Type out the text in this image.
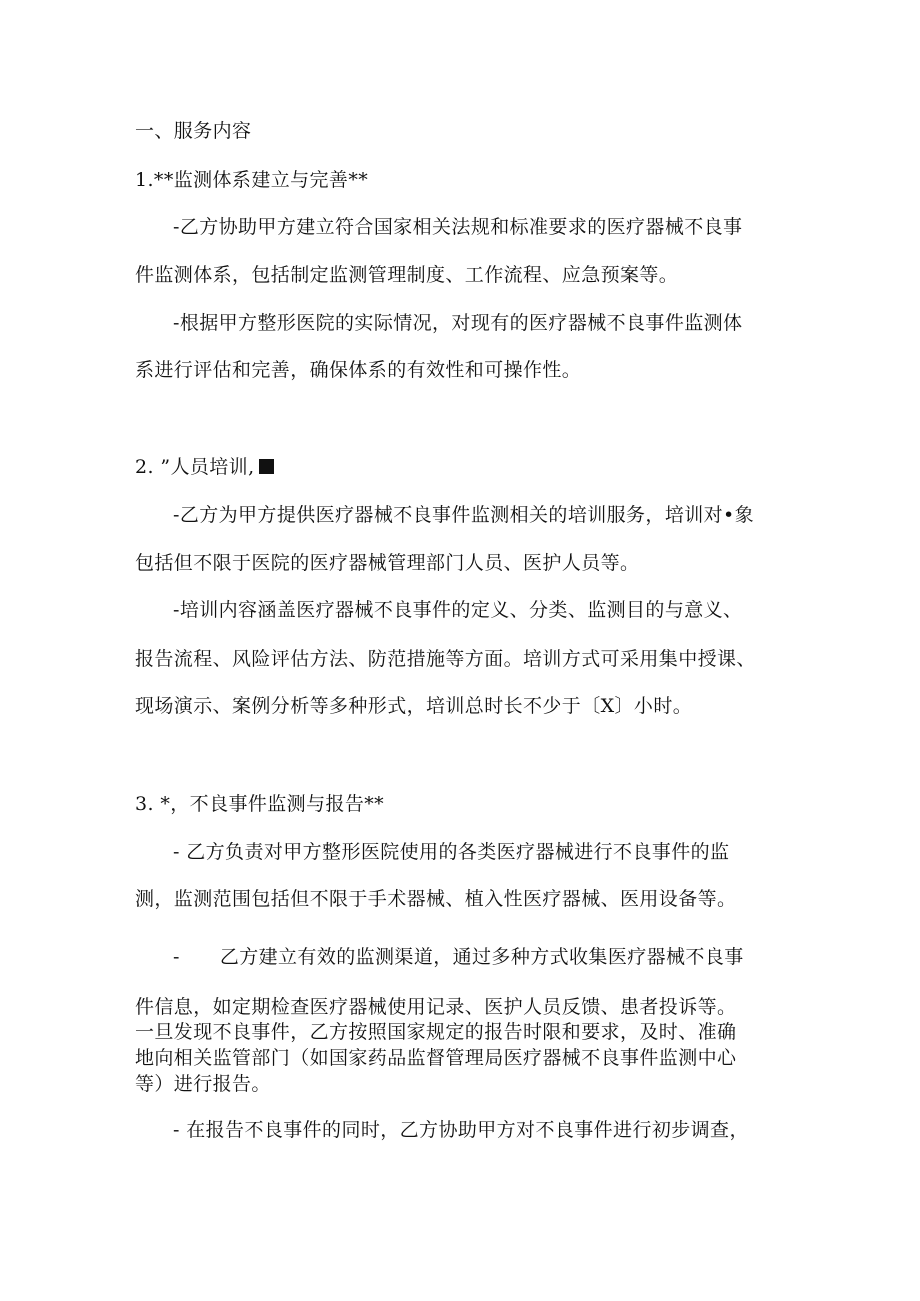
一、服务内容
1.**监测体系建立与完善**
-乙方协助甲方建立符合国家相关法规和标准要求的医疗器械不良事
件监测体系，包括制定监测管理制度、工作流程、应急预案等。
-根据甲方整形医院的实际情况，对现有的医疗器械不良事件监测体
系进行评估和完善，确保体系的有效性和可操作性。
2. ”人员培训,
-乙方为甲方提供医疗器械不良事件监测相关的培训服务，培训对•象
包括但不限于医院的医疗器械管理部门人员、医护人员等。
-培训内容涵盖医疗器械不良事件的定义、分类、监测目的与意义、
报告流程、风险评估方法、防范措施等方面。培训方式可采用集中授课、
现场演示、案例分析等多种形式，培训总时长不少于〔X〕小时。
3. *，不良事件监测与报告**
- 乙方负责对甲方整形医院使用的各类医疗器械进行不良事件的监
测，监测范围包括但不限于手术器械、植入性医疗器械、医用设备等。
- 乙方建立有效的监测渠道，通过多种方式收集医疗器械不良事
件信息，如定期检查医疗器械使用记录、医护人员反馈、患者投诉等。
一旦发现不良事件，乙方按照国家规定的报告时限和要求，及时、准确
地向相关监管部门（如国家药品监督管理局医疗器械不良事件监测中心
等）进行报告。
- 在报告不良事件的同时，乙方协助甲方对不良事件进行初步调查，
